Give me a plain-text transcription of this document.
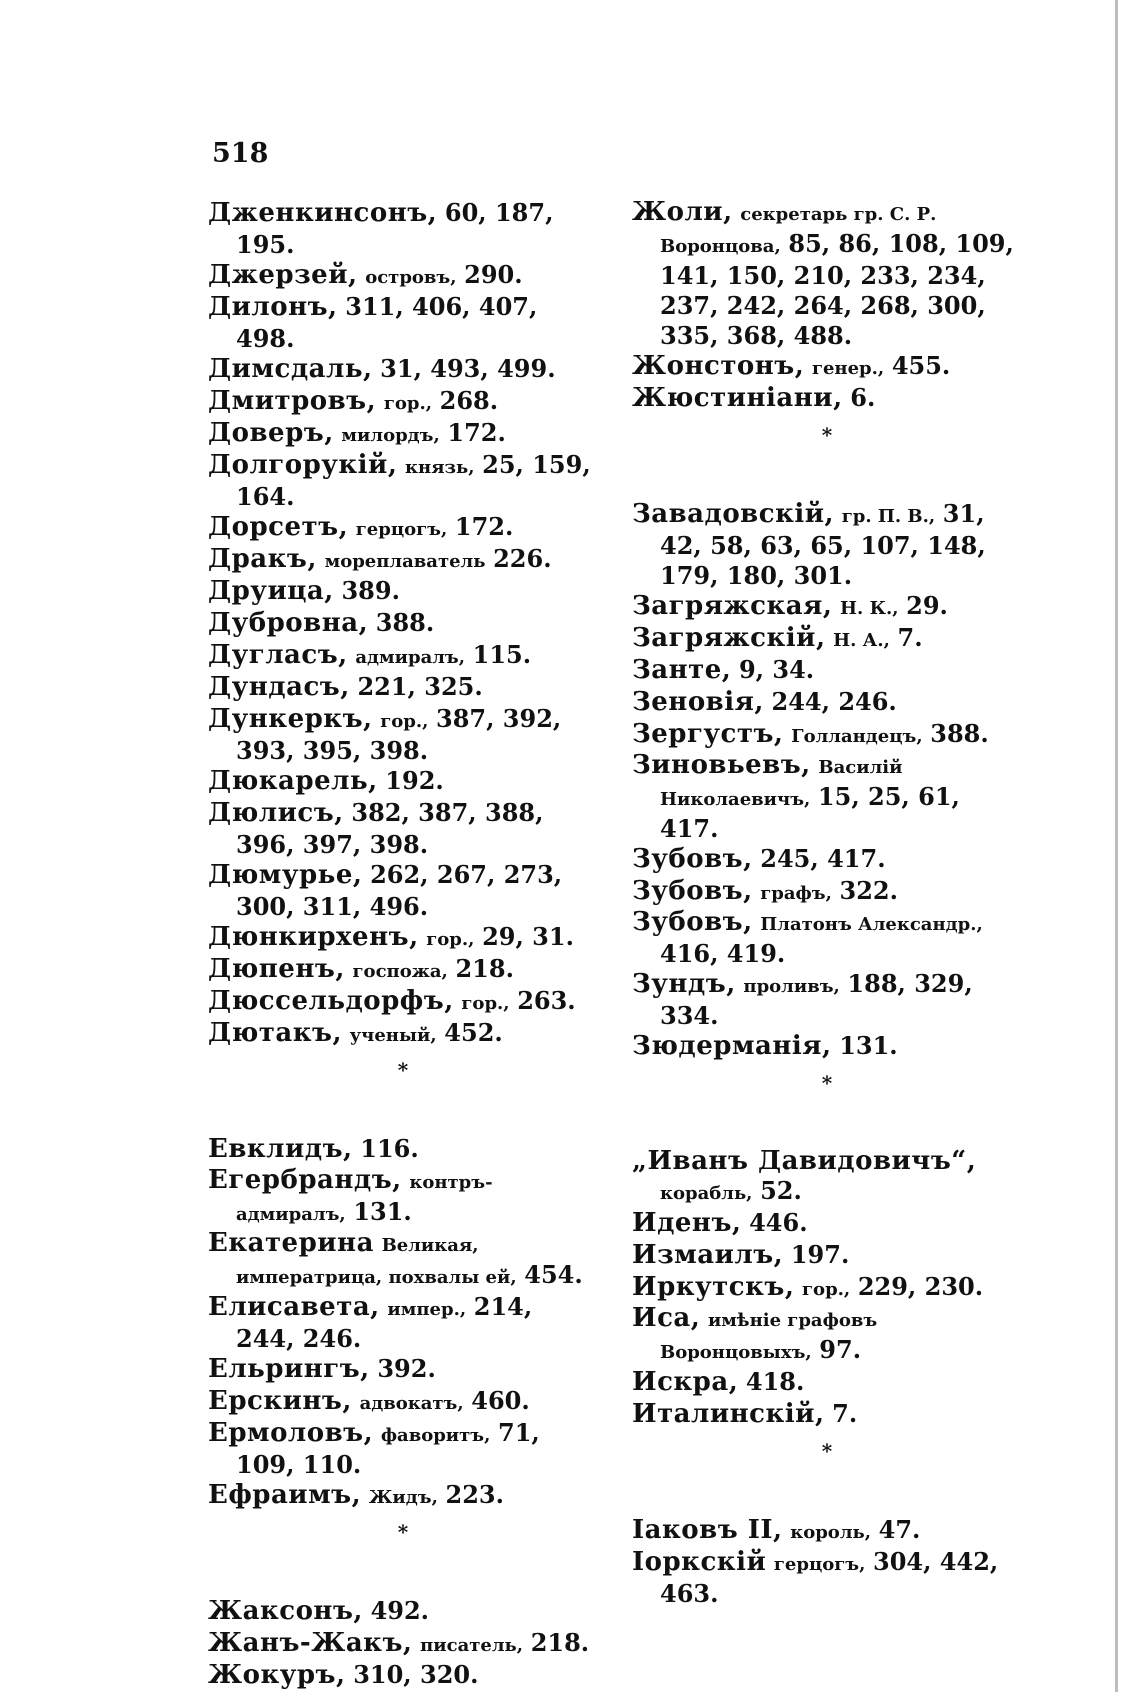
518

Дженкинсонъ, 60, 187, 195.

Джерзей, островъ, 290.

Дилонъ, 311, 406, 407, 498.

Димсдаль, 31, 493, 499.

Дмитровъ, гор., 268.

Доверъ, милордъ, 172.

Долгорукій, князь, 25, 159, 164.

Дорсетъ, герцогъ, 172.

Дракъ, мореплаватель 226.

Друица, 389.

Дубровна, 388.

Дугласъ, адмиралъ, 115.

Дундасъ, 221, 325.

Дункеркъ, гор., 387, 392, 393, 395, 398.

Дюкарель, 192.

Дюлисъ, 382, 387, 388, 396, 397, 398.

Дюмурье, 262, 267, 273, 300, 311, 496.

Дюнкирхенъ, гор., 29, 31.

Дюпенъ, госпожа, 218.

Дюссельдорфъ, гор., 263.

Дютакъ, ученый, 452.

*

Евклидъ, 116.

Егербрандъ, контръ-адмиралъ, 131.

Екатерина Великая, императрица, похвалы ей, 454.

Елисавета, импер., 214, 244, 246.

Ельрингъ, 392.

Ерскинъ, адвокатъ, 460.

Ермоловъ, фаворитъ, 71, 109, 110.

Ефраимъ, Жидъ, 223.

*

Жаксонъ, 492.

Жанъ-Жакъ, писатель, 218.

Жокуръ, 310, 320.

Жоли, секретарь гр. С. Р. Воронцова, 85, 86, 108, 109, 141, 150, 210, 233, 234, 237, 242, 264, 268, 300, 335, 368, 488.

Жонстонъ, генер., 455.

Жюстиніани, 6.

*

Завадовскій, гр. П. В., 31, 42, 58, 63, 65, 107, 148, 179, 180, 301.

Загряжская, Н. К., 29.

Загряжскій, Н. А., 7.

Занте, 9, 34.

Зеновія, 244, 246.

Зергустъ, Голландецъ, 388.

Зиновьевъ, Василій Николаевичъ, 15, 25, 61, 417.

Зубовъ, 245, 417.

Зубовъ, графъ, 322.

Зубовъ, Платонъ Александр., 416, 419.

Зундъ, проливъ, 188, 329, 334.

Зюдерманія, 131.

*

„Иванъ Давидовичъ“, корабль, 52.

Иденъ, 446.

Измаилъ, 197.

Иркутскъ, гор., 229, 230.

Иса, имѣніе графовъ Воронцовыхъ, 97.

Искра, 418.

Италинскій, 7.

*

Іаковъ II, король, 47.

Іоркскій герцогъ, 304, 442, 463.
